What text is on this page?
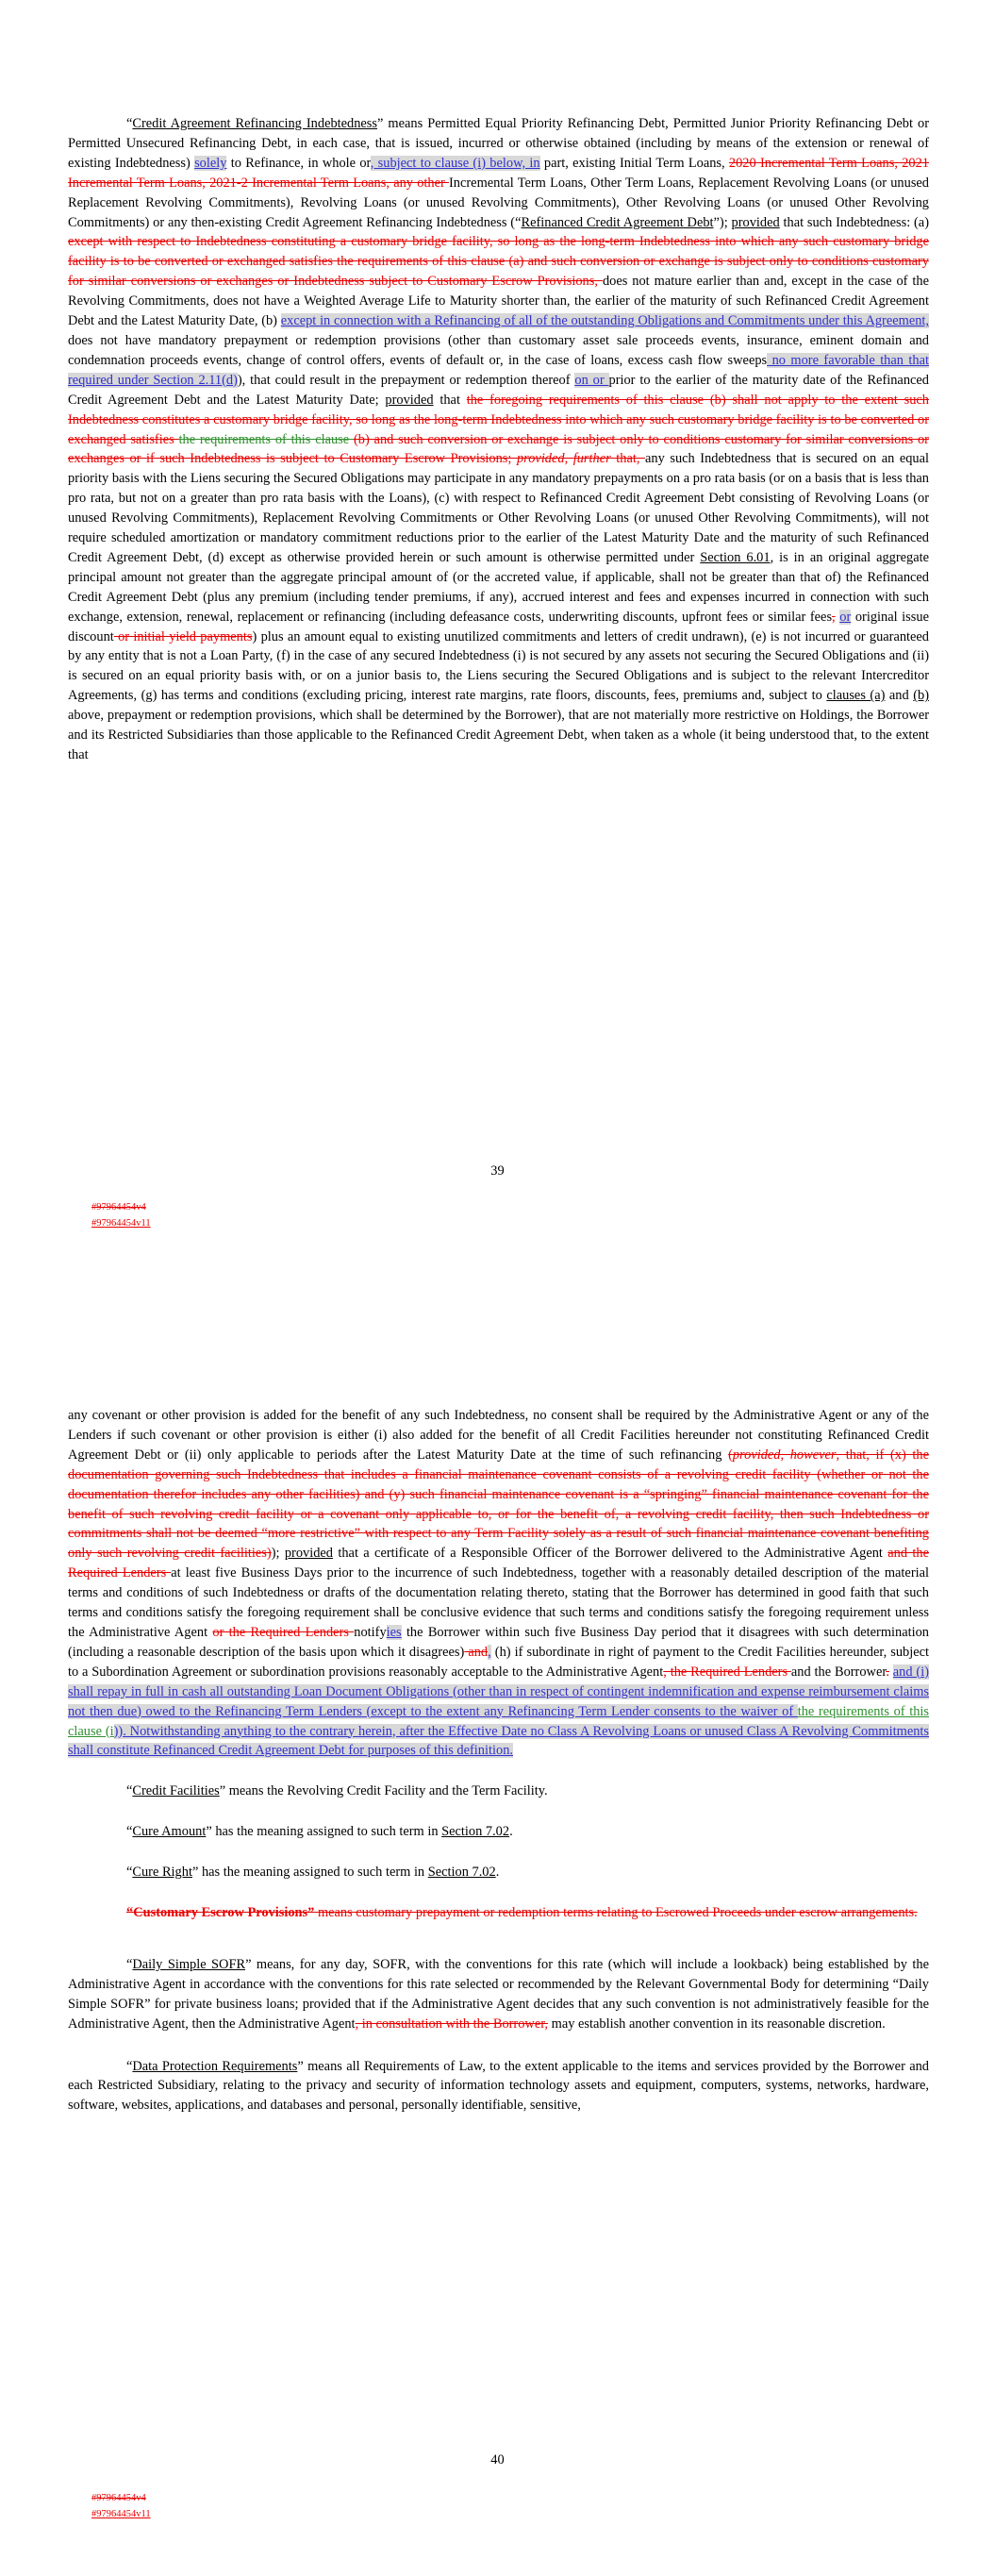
“Credit Agreement Refinancing Indebtedness” means Permitted Equal Priority Refinancing Debt, Permitted Junior Priority Refinancing Debt or Permitted Unsecured Refinancing Debt, in each case, that is issued, incurred or otherwise obtained (including by means of the extension or renewal of existing Indebtedness) solely to Refinance, in whole or, subject to clause (i) below, in part, existing Initial Term Loans, 2020 Incremental Term Loans, 2021 Incremental Term Loans, 2021-2 Incremental Term Loans, any other Incremental Term Loans, Other Term Loans, Replacement Revolving Loans (or unused Replacement Revolving Commitments), Revolving Loans (or unused Revolving Commitments), Other Revolving Loans (or unused Other Revolving Commitments) or any then-existing Credit Agreement Refinancing Indebtedness (“Refinanced Credit Agreement Debt”); provided that such Indebtedness: (a) except with respect to Indebtedness constituting a customary bridge facility, so long as the long-term Indebtedness into which any such customary bridge facility is to be converted or exchanged satisfies the requirements of this clause (a) and such conversion or exchange is subject only to conditions customary for similar conversions or exchanges or Indebtedness subject to Customary Escrow Provisions, does not mature earlier than and, except in the case of the Revolving Commitments, does not have a Weighted Average Life to Maturity shorter than, the earlier of the maturity of such Refinanced Credit Agreement Debt and the Latest Maturity Date, (b) except in connection with a Refinancing of all of the outstanding Obligations and Commitments under this Agreement, does not have mandatory prepayment or redemption provisions (other than customary asset sale proceeds events, insurance, eminent domain and condemnation proceeds events, change of control offers, events of default or, in the case of loans, excess cash flow sweeps no more favorable than that required under Section 2.11(d)), that could result in the prepayment or redemption thereof on or prior to the earlier of the maturity date of the Refinanced Credit Agreement Debt and the Latest Maturity Date; provided that the foregoing requirements of this clause (b) shall not apply to the extent such Indebtedness constitutes a customary bridge facility, so long as the long-term Indebtedness into which any such customary bridge facility is to be converted or exchanged satisfies the requirements of this clause (b) and such conversion or exchange is subject only to conditions customary for similar conversions or exchanges or if such Indebtedness is subject to Customary Escrow Provisions; provided, further that, any such Indebtedness that is secured on an equal priority basis with the Liens securing the Secured Obligations may participate in any mandatory prepayments on a pro rata basis (or on a basis that is less than pro rata, but not on a greater than pro rata basis with the Loans), (c) with respect to Refinanced Credit Agreement Debt consisting of Revolving Loans (or unused Revolving Commitments), Replacement Revolving Commitments or Other Revolving Loans (or unused Other Revolving Commitments), will not require scheduled amortization or mandatory commitment reductions prior to the earlier of the Latest Maturity Date and the maturity of such Refinanced Credit Agreement Debt, (d) except as otherwise provided herein or such amount is otherwise permitted under Section 6.01, is in an original aggregate principal amount not greater than the aggregate principal amount of (or the accreted value, if applicable, shall not be greater than that of) the Refinanced Credit Agreement Debt (plus any premium (including tender premiums, if any), accrued interest and fees and expenses incurred in connection with such exchange, extension, renewal, replacement or refinancing (including defeasance costs, underwriting discounts, upfront fees or similar fees, or original issue discount or initial yield payments) plus an amount equal to existing unutilized commitments and letters of credit undrawn), (e) is not incurred or guaranteed by any entity that is not a Loan Party, (f) in the case of any secured Indebtedness (i) is not secured by any assets not securing the Secured Obligations and (ii) is secured on an equal priority basis with, or on a junior basis to, the Liens securing the Secured Obligations and is subject to the relevant Intercreditor Agreements, (g) has terms and conditions (excluding pricing, interest rate margins, rate floors, discounts, fees, premiums and, subject to clauses (a) and (b) above, prepayment or redemption provisions, which shall be determined by the Borrower), that are not materially more restrictive on Holdings, the Borrower and its Restricted Subsidiaries than those applicable to the Refinanced Credit Agreement Debt, when taken as a whole (it being understood that, to the extent that

39
#97964454v4
#97964454v11

any covenant or other provision is added for the benefit of any such Indebtedness, no consent shall be required by the Administrative Agent or any of the Lenders if such covenant or other provision is either (i) also added for the benefit of all Credit Facilities hereunder not constituting Refinanced Credit Agreement Debt or (ii) only applicable to periods after the Latest Maturity Date at the time of such refinancing (provided, however, that, if (x) the documentation governing such Indebtedness that includes a financial maintenance covenant consists of a revolving credit facility (whether or not the documentation therefor includes any other facilities) and (y) such financial maintenance covenant is a “springing” financial maintenance covenant for the benefit of such revolving credit facility or a covenant only applicable to, or for the benefit of, a revolving credit facility, then such Indebtedness or commitments shall not be deemed “more restrictive” with respect to any Term Facility solely as a result of such financial maintenance covenant benefiting only such revolving credit facilities)); provided that a certificate of a Responsible Officer of the Borrower delivered to the Administrative Agent and the Required Lenders at least five Business Days prior to the incurrence of such Indebtedness, together with a reasonably detailed description of the material terms and conditions of such Indebtedness or drafts of the documentation relating thereto, stating that the Borrower has determined in good faith that such terms and conditions satisfy the foregoing requirement shall be conclusive evidence that such terms and conditions satisfy the foregoing requirement unless the Administrative Agent or the Required Lenders notifyies the Borrower within such five Business Day period that it disagrees with such determination (including a reasonable description of the basis upon which it disagrees) and, (h) if subordinate in right of payment to the Credit Facilities hereunder, subject to a Subordination Agreement or subordination provisions reasonably acceptable to the Administrative Agent, the Required Lenders and the Borrower. and (i) shall repay in full in cash all outstanding Loan Document Obligations (other than in respect of contingent indemnification and expense reimbursement claims not then due) owed to the Refinancing Term Lenders (except to the extent any Refinancing Term Lender consents to the waiver of the requirements of this clause (i)). Notwithstanding anything to the contrary herein, after the Effective Date no Class A Revolving Loans or unused Class A Revolving Commitments shall constitute Refinanced Credit Agreement Debt for purposes of this definition.

“Credit Facilities” means the Revolving Credit Facility and the Term Facility.

“Cure Amount” has the meaning assigned to such term in Section 7.02.

“Cure Right” has the meaning assigned to such term in Section 7.02.

“Customary Escrow Provisions” means customary prepayment or redemption terms relating to Escrowed Proceeds under escrow arrangements.

“Daily Simple SOFR” means, for any day, SOFR, with the conventions for this rate (which will include a lookback) being established by the Administrative Agent in accordance with the conventions for this rate selected or recommended by the Relevant Governmental Body for determining “Daily Simple SOFR” for private business loans; provided that if the Administrative Agent decides that any such convention is not administratively feasible for the Administrative Agent, then the Administrative Agent, in consultation with the Borrower, may establish another convention in its reasonable discretion.

“Data Protection Requirements” means all Requirements of Law, to the extent applicable to the items and services provided by the Borrower and each Restricted Subsidiary, relating to the privacy and security of information technology assets and equipment, computers, systems, networks, hardware, software, websites, applications, and databases and personal, personally identifiable, sensitive,

40
#97964454v4
#97964454v11
